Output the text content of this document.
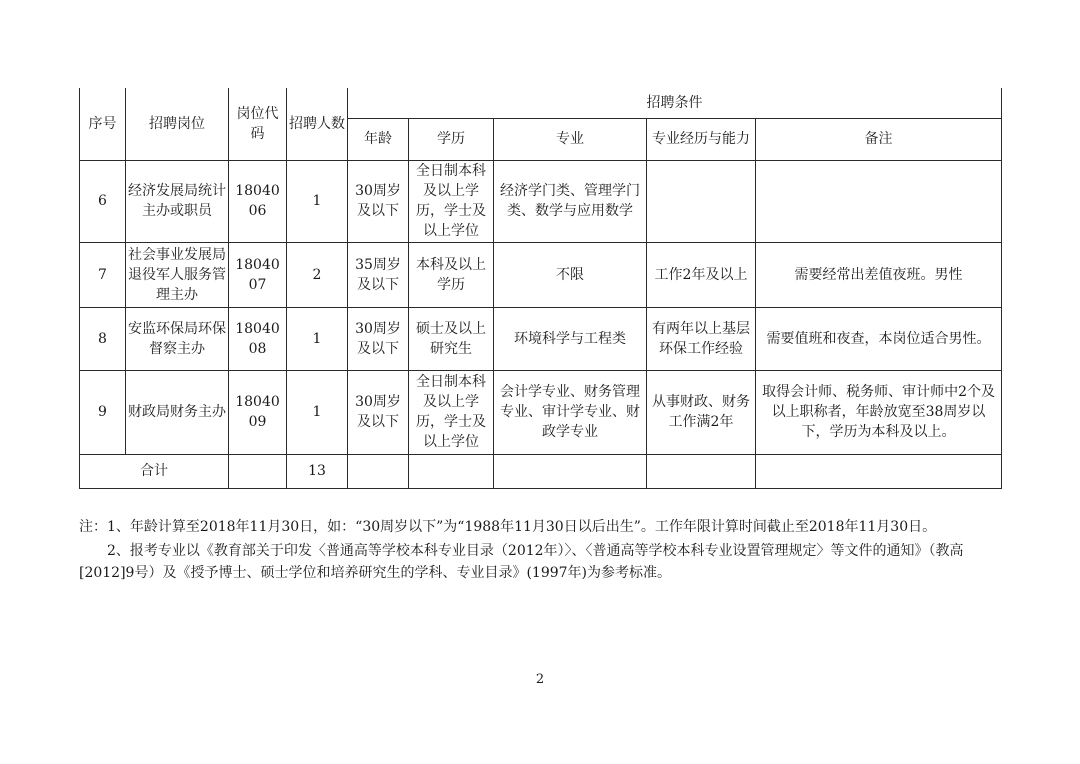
序号	招聘岗位	岗位代码	招聘人数	招聘条件				
				年龄	学历	专业	专业经历与能力	备注
6	经济发展局统计主办或职员	1804006	1	30周岁及以下	全日制本科及以上学历，学士及以上学位	经济学门类、管理学门类、数学与应用数学		
7	社会事业发展局退役军人服务管理主办	1804007	2	35周岁及以下	本科及以上学历	不限	工作2年及以上	需要经常出差值夜班。男性
8	安监环保局环保督察主办	1804008	1	30周岁及以下	硕士及以上研究生	环境科学与工程类	有两年以上基层环保工作经验	需要值班和夜查，本岗位适合男性。
9	财政局财务主办	1804009	1	30周岁及以下	全日制本科及以上学历，学士及以上学位	会计学专业、财务管理专业、审计学专业、财政学专业	从事财政、财务工作满2年	取得会计师、税务师、审计师中2个及以上职称者，年龄放宽至38周岁以下，学历为本科及以上。
合计			13					

注：1、年龄计算至2018年11月30日，如：“30周岁以下”为“1988年11月30日以后出生”。工作年限计算时间截止至2018年11月30日。

2、报考专业以《教育部关于印发〈普通高等学校本科专业目录（2012年）〉、〈普通高等学校本科专业设置管理规定〉等文件的通知》（教高[2012]9号）及《授予博士、硕士学位和培养研究生的学科、专业目录》(1997年)为参考标准。

2
